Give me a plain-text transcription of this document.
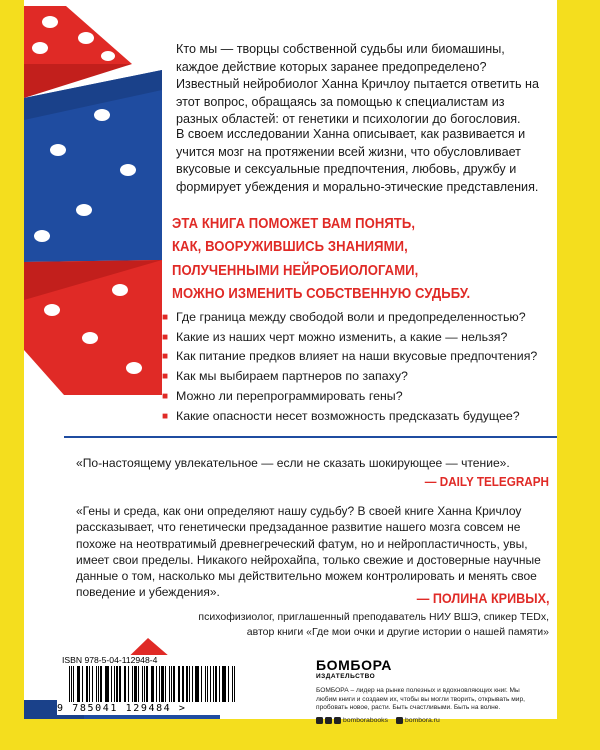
Кто мы — творцы собственной судьбы или биомашины, каждое действие которых заранее предопределено? Известный нейробиолог Ханна Кричлоу пытается ответить на этот вопрос, обращаясь за помощью к специалистам из разных областей: от генетики и психологии до богословия.

В своем исследовании Ханна описывает, как развивается и учится мозг на протяжении всей жизни, что обусловливает вкусовые и сексуальные предпочтения, любовь, дружбу и формирует убеждения и морально-этические представления.

ЭТА КНИГА ПОМОЖЕТ ВАМ ПОНЯТЬ,
КАК, ВООРУЖИВШИСЬ ЗНАНИЯМИ,
ПОЛУЧЕННЫМИ НЕЙРОБИОЛОГАМИ,
МОЖНО ИЗМЕНИТЬ СОБСТВЕННУЮ СУДЬБУ.
■ Где граница между свободой воли и предопределенностью?
■ Какие из наших черт можно изменить, а какие — нельзя?
■ Как питание предков влияет на наши вкусовые предпочтения?
■ Как мы выбираем партнеров по запаху?
■ Можно ли перепрограммировать гены?
■ Какие опасности несет возможность предсказать будущее?

«По-настоящему увлекательное — если не сказать шокирующее — чтение».

— DAILY TELEGRAPH

«Гены и среда, как они определяют нашу судьбу? В своей книге Ханна Кричлоу рассказывает, что генетически предзаданное развитие нашего мозга совсем не похоже на неотвратимый древнегреческий фатум, но и нейропластичность, увы, имеет свои пределы. Никакого нейрохайпа, только свежие и достоверные научные данные о том, насколько мы действительно можем контролировать и менять свое поведение и убеждения».	— ПОЛИНА КРИВЫХ,
психофизиолог, приглашенный преподаватель НИУ ВШЭ, спикер TEDx,
автор книги «Где мои очки и другие истории о нашей памяти»
ISBN 978-5-04-112948-4
9 785041 129484 >
БОМБОРА
ИЗДАТЕЛЬСТВО
БОМБОРА – лидер на рынке полезных и вдохновляющих книг. Мы любим книги и создаем их, чтобы вы могли творить, открывать мир, пробовать новое, расти. Быть счастливыми. Быть на волне.
bomborabooks	bombora.ru
